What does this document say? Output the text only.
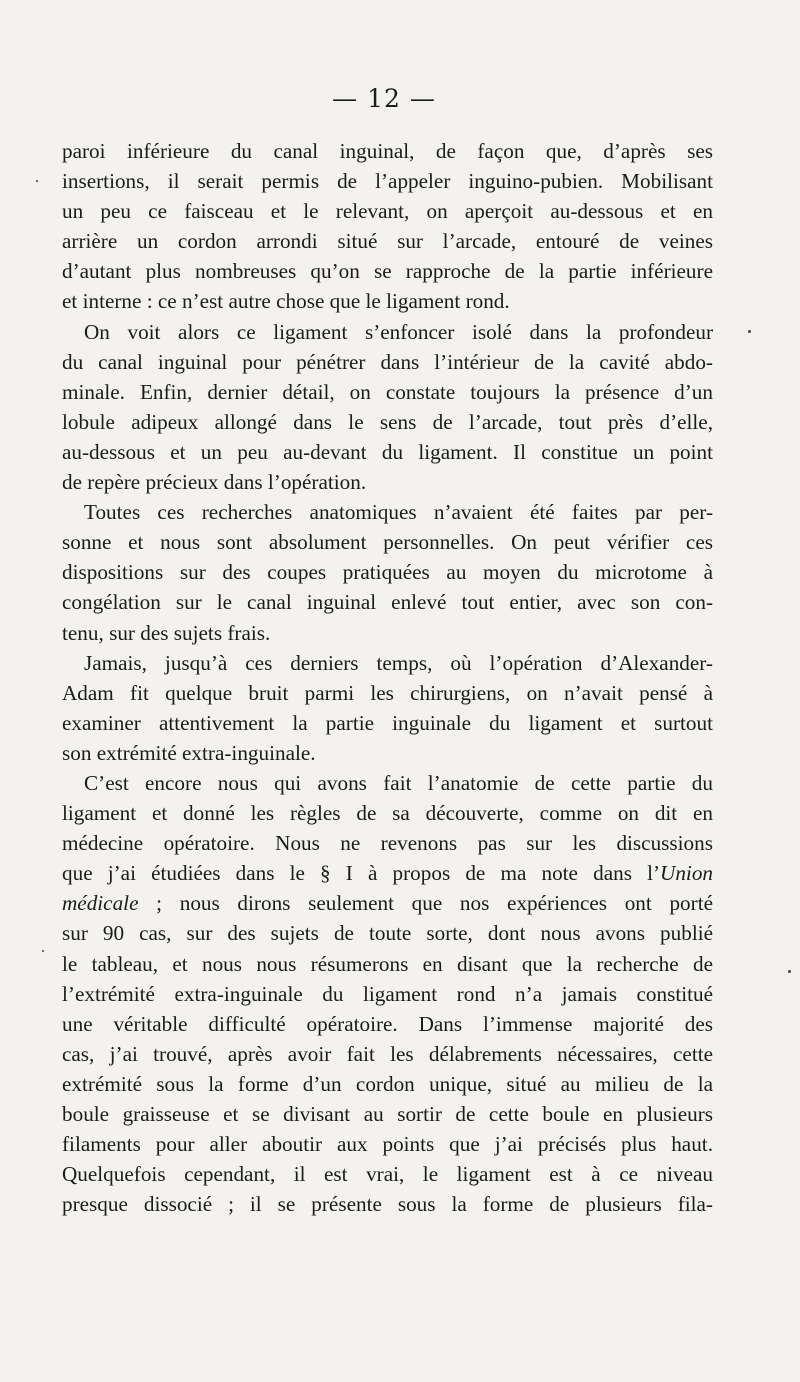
— 12 —
paroi inférieure du canal inguinal, de façon que, d’après ses
insertions, il serait permis de l’appeler inguino-pubien. Mobilisant
un peu ce faisceau et le relevant, on aperçoit au-dessous et en
arrière un cordon arrondi situé sur l’arcade, entouré de veines
d’autant plus nombreuses qu’on se rapproche de la partie inférieure
et interne : ce n’est autre chose que le ligament rond.
On voit alors ce ligament s’enfoncer isolé dans la profondeur
du canal inguinal pour pénétrer dans l’intérieur de la cavité abdo-
minale. Enfin, dernier détail, on constate toujours la présence d’un
lobule adipeux allongé dans le sens de l’arcade, tout près d’elle,
au-dessous et un peu au-devant du ligament. Il constitue un point
de repère précieux dans l’opération.
Toutes ces recherches anatomiques n’avaient été faites par per-
sonne et nous sont absolument personnelles. On peut vérifier ces
dispositions sur des coupes pratiquées au moyen du microtome à
congélation sur le canal inguinal enlevé tout entier, avec son con-
tenu, sur des sujets frais.
Jamais, jusqu’à ces derniers temps, où l’opération d’Alexander-
Adam fit quelque bruit parmi les chirurgiens, on n’avait pensé à
examiner attentivement la partie inguinale du ligament et surtout
son extrémité extra-inguinale.
C’est encore nous qui avons fait l’anatomie de cette partie du
ligament et donné les règles de sa découverte, comme on dit en
médecine opératoire. Nous ne revenons pas sur les discussions
que j’ai étudiées dans le § I à propos de ma note dans l’Union
médicale ; nous dirons seulement que nos expériences ont porté
sur 90 cas, sur des sujets de toute sorte, dont nous avons publié
le tableau, et nous nous résumerons en disant que la recherche de
l’extrémité extra-inguinale du ligament rond n’a jamais constitué
une véritable difficulté opératoire. Dans l’immense majorité des
cas, j’ai trouvé, après avoir fait les délabrements nécessaires, cette
extrémité sous la forme d’un cordon unique, situé au milieu de la
boule graisseuse et se divisant au sortir de cette boule en plusieurs
filaments pour aller aboutir aux points que j’ai précisés plus haut.
Quelquefois cependant, il est vrai, le ligament est à ce niveau
presque dissocié ; il se présente sous la forme de plusieurs fila-
